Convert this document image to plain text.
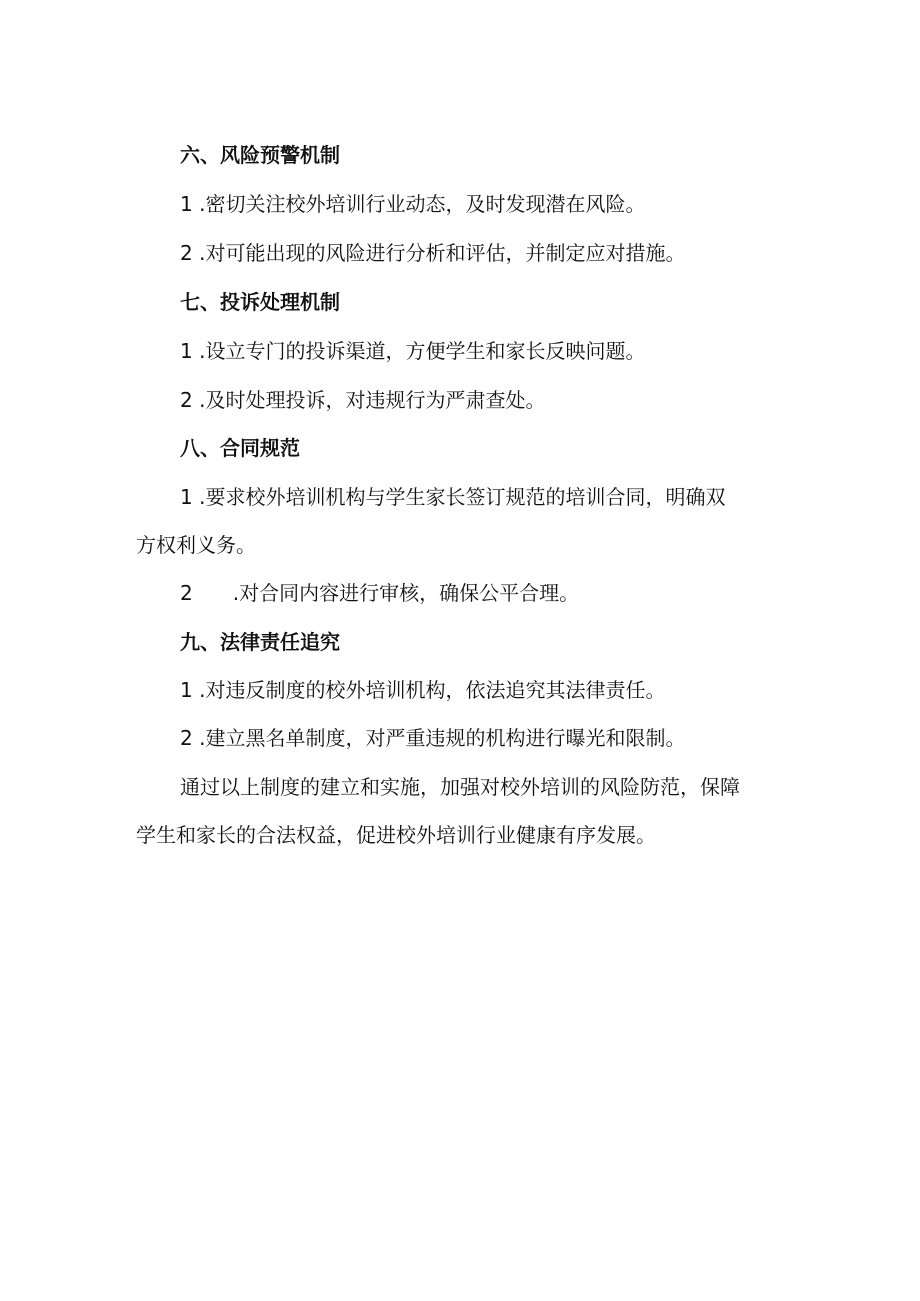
六、风险预警机制

1 .密切关注校外培训行业动态，及时发现潜在风险。

2 .对可能出现的风险进行分析和评估，并制定应对措施。

七、投诉处理机制

1 .设立专门的投诉渠道，方便学生和家长反映问题。

2 .及时处理投诉，对违规行为严肃查处。

八、合同规范

1 .要求校外培训机构与学生家长签订规范的培训合同，明确双

方权利义务。

2　　.对合同内容进行审核，确保公平合理。

九、法律责任追究

1 .对违反制度的校外培训机构，依法追究其法律责任。

2 .建立黑名单制度，对严重违规的机构进行曝光和限制。

通过以上制度的建立和实施，加强对校外培训的风险防范，保障

学生和家长的合法权益，促进校外培训行业健康有序发展。
